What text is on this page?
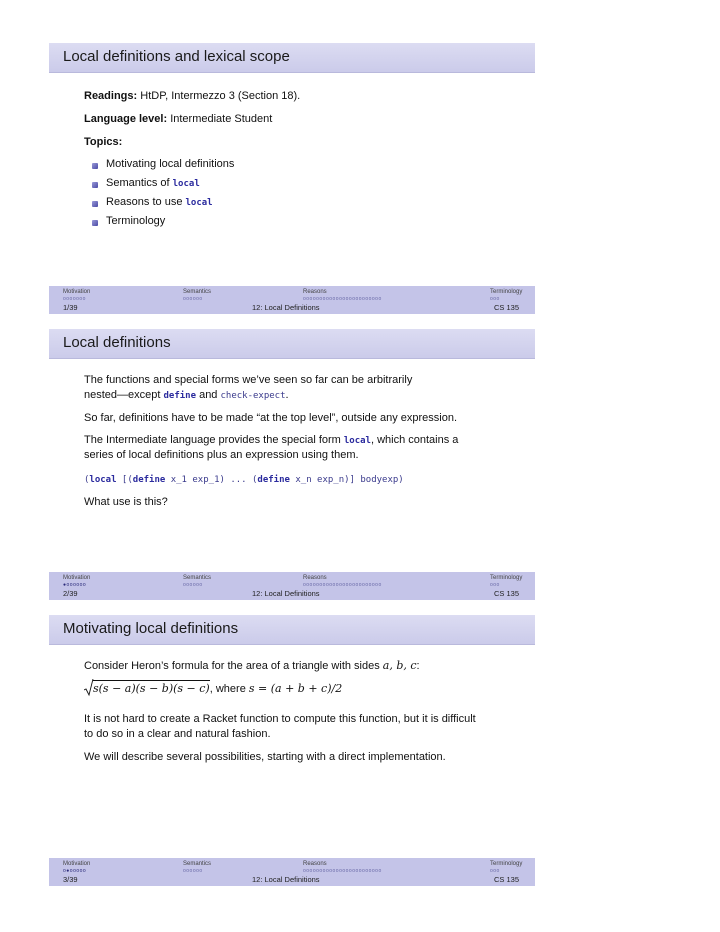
Local definitions and lexical scope
Readings: HtDP, Intermezzo 3 (Section 18).
Language level: Intermediate Student
Topics:
Motivating local definitions
Semantics of local
Reasons to use local
Terminology
Motivation	Semantics	Reasons	Terminology
ooooooo	oooooo	oooooooooooooooooooooooo	ooo
1/39	12: Local Definitions	CS 135
Local definitions
The functions and special forms we’ve seen so far can be arbitrarily
nested—except define and check-expect.
So far, definitions have to be made “at the top level”, outside any expression.
The Intermediate language provides the special form local, which contains a
series of local definitions plus an expression using them.
(local [(define x_1 exp_1) ... (define x_n exp_n)] bodyexp)
What use is this?
Motivation	Semantics	Reasons	Terminology
●oooooo	oooooo	oooooooooooooooooooooooo	ooo
2/39	12: Local Definitions	CS 135
Motivating local definitions
Consider Heron’s formula for the area of a triangle with sides a, b, c:
s(s − a)(s − b)(s − c), where s = (a + b + c)/2
It is not hard to create a Racket function to compute this function, but it is difficult
to do so in a clear and natural fashion.
We will describe several possibilities, starting with a direct implementation.
Motivation	Semantics	Reasons	Terminology
o●ooooo	oooooo	oooooooooooooooooooooooo	ooo
3/39	12: Local Definitions	CS 135
